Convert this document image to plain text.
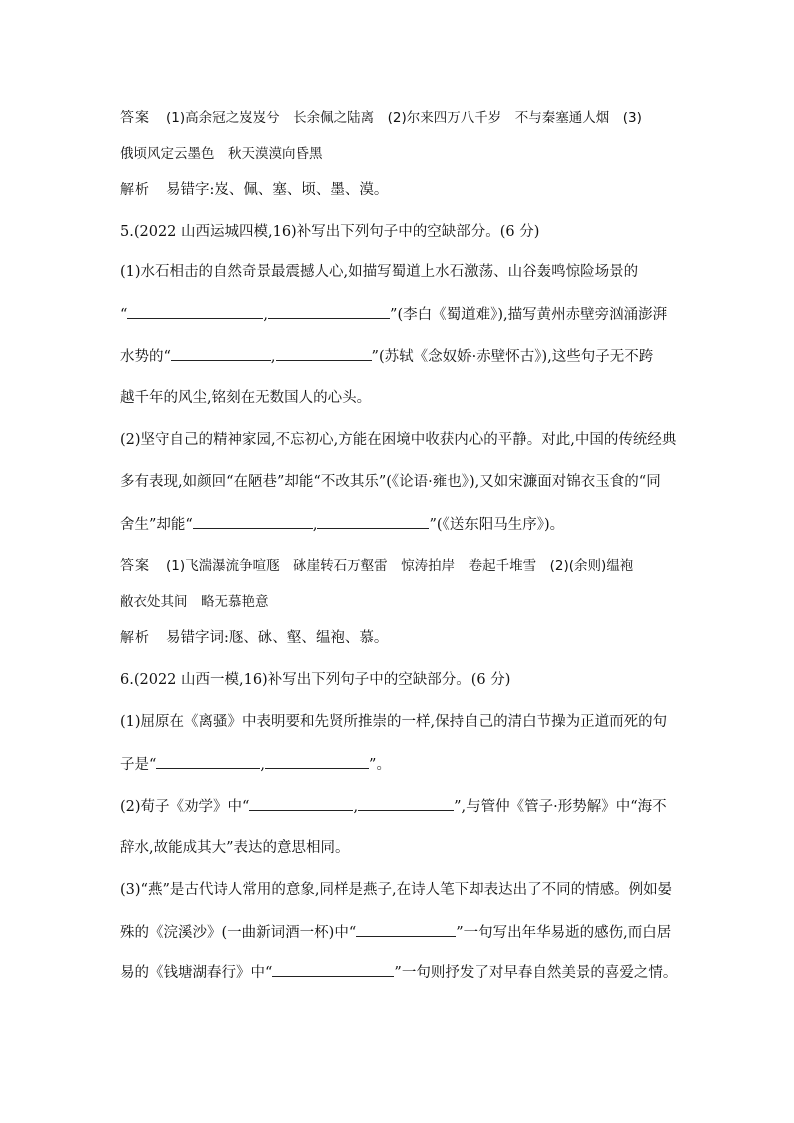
答案 (1)高余冠之岌岌兮　长余佩之陆离　(2)尔来四万八千岁　不与秦塞通人烟　(3)
俄顷风定云墨色　秋天漠漠向昏黑
解析 易错字:岌、佩、塞、顷、墨、漠。
5.(2022 山西运城四模,16)补写出下列句子中的空缺部分。(6 分)
(1)水石相击的自然奇景最震撼人心,如描写蜀道上水石激荡、山谷轰鸣惊险场景的
“	,	”(李白《蜀道难》),描写黄州赤壁旁汹涌澎湃
水势的“	,	”(苏轼《念奴娇·赤壁怀古》),这些句子无不跨
越千年的风尘,铭刻在无数国人的心头。
(2)坚守自己的精神家园,不忘初心,方能在困境中收获内心的平静。对此,中国的传统经典
多有表现,如颜回“在陋巷”却能“不改其乐”(《论语·雍也》),又如宋濂面对锦衣玉食的“同
舍生”却能“	,	”(《送东阳马生序》)。
答案 (1)飞湍瀑流争喧豗　砯崖转石万壑雷　惊涛拍岸　卷起千堆雪　(2)(余则)缊袍
敝衣处其间　略无慕艳意
解析 易错字词:豗、砯、壑、缊袍、慕。
6.(2022 山西一模,16)补写出下列句子中的空缺部分。(6 分)
(1)屈原在《离骚》中表明要和先贤所推崇的一样,保持自己的清白节操为正道而死的句
子是“	,	”。
(2)荀子《劝学》中“	,	”,与管仲《管子·形势解》中“海不
辞水,故能成其大”表达的意思相同。
(3)“燕”是古代诗人常用的意象,同样是燕子,在诗人笔下却表达出了不同的情感。例如晏
殊的《浣溪沙》(一曲新词酒一杯)中“	”一句写出年华易逝的感伤,而白居
易的《钱塘湖春行》中“	”一句则抒发了对早春自然美景的喜爱之情。
